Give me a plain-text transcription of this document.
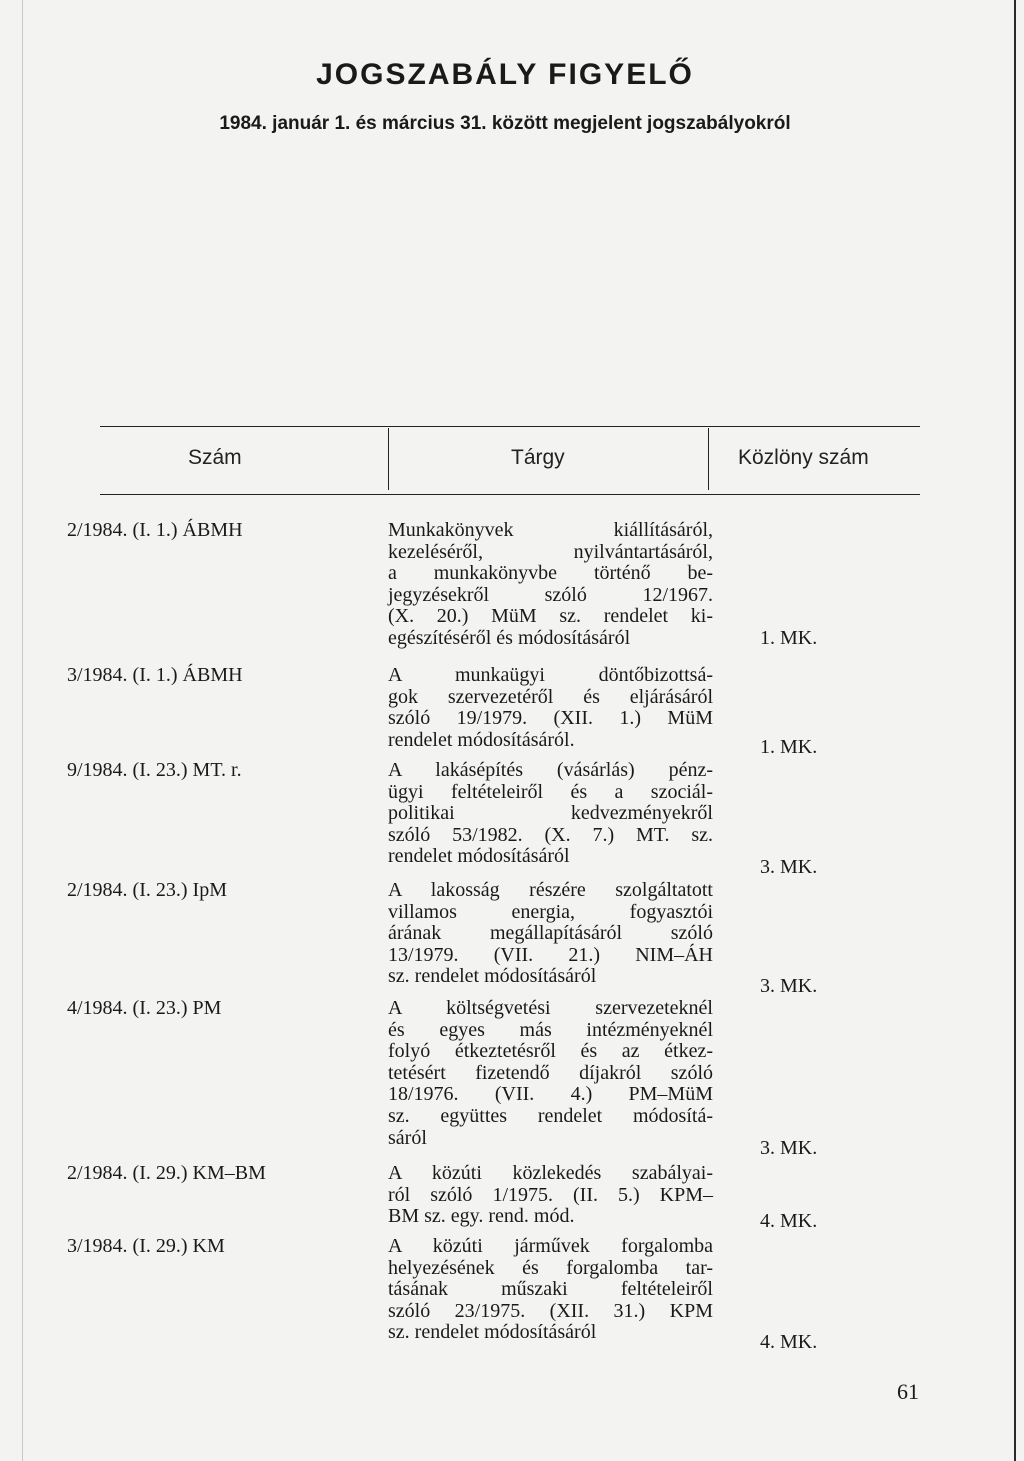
JOGSZABÁLY FIGYELŐ
1984. január 1. és március 31. között megjelent jogszabályokról
Szám	Tárgy	Közlöny szám
2/1984. (I. 1.) ÁBMH	Munkakönyvek kiállításáról,
kezeléséről, nyilvántartásáról,
a munkakönyvbe történő be-
jegyzésekről szóló 12/1967.
(X. 20.) MüM sz. rendelet ki-
egészítéséről és módosításáról	1. MK.
3/1984. (I. 1.) ÁBMH	A munkaügyi döntőbizottsá-
gok szervezetéről és eljárásáról
szóló 19/1979. (XII. 1.) MüM
rendelet módosításáról.	1. MK.
9/1984. (I. 23.) MT. r.	A lakásépítés (vásárlás) pénz-
ügyi feltételeiről és a szociál-
politikai kedvezményekről
szóló 53/1982. (X. 7.) MT. sz.
rendelet módosításáról	3. MK.
2/1984. (I. 23.) IpM	A lakosság részére szolgáltatott
villamos energia, fogyasztói
árának megállapításáról szóló
13/1979. (VII. 21.) NIM–ÁH
sz. rendelet módosításáról	3. MK.
4/1984. (I. 23.) PM	A költségvetési szervezeteknél
és egyes más intézményeknél
folyó étkeztetésről és az étkez-
tetésért fizetendő díjakról szóló
18/1976. (VII. 4.) PM–MüM
sz. együttes rendelet módosítá-
sáról	3. MK.
2/1984. (I. 29.) KM–BM	A közúti közlekedés szabályai-
ról szóló 1/1975. (II. 5.) KPM–
BM sz. egy. rend. mód.	4. MK.
3/1984. (I. 29.) KM	A közúti járművek forgalomba
helyezésének és forgalomba tar-
tásának műszaki feltételeiről
szóló 23/1975. (XII. 31.) KPM
sz. rendelet módosításáról	4. MK.
61
